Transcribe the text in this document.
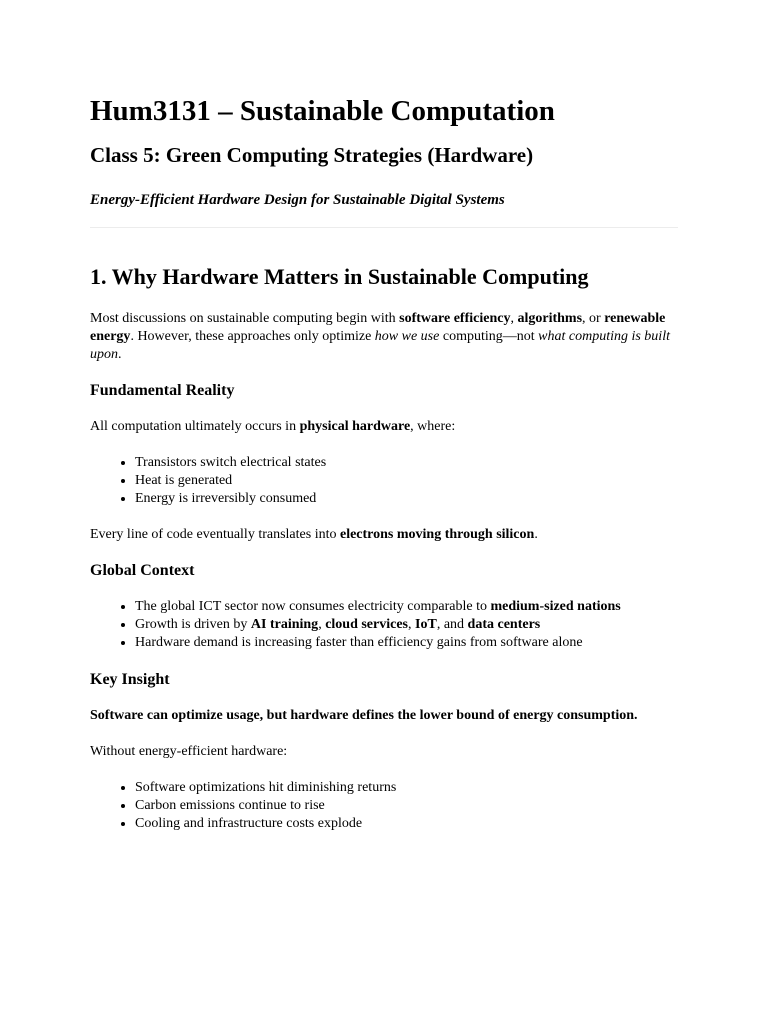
Hum3131 – Sustainable Computation
Class 5: Green Computing Strategies (Hardware)

Energy-Efficient Hardware Design for Sustainable Digital Systems

1. Why Hardware Matters in Sustainable Computing

Most discussions on sustainable computing begin with software efficiency, algorithms, or renewable energy. However, these approaches only optimize how we use computing—not what computing is built upon.

Fundamental Reality

All computation ultimately occurs in physical hardware, where:

• Transistors switch electrical states
• Heat is generated
• Energy is irreversibly consumed

Every line of code eventually translates into electrons moving through silicon.

Global Context
• The global ICT sector now consumes electricity comparable to medium-sized nations
• Growth is driven by AI training, cloud services, IoT, and data centers
• Hardware demand is increasing faster than efficiency gains from software alone
Key Insight

Software can optimize usage, but hardware defines the lower bound of energy consumption.

Without energy-efficient hardware:

• Software optimizations hit diminishing returns
• Carbon emissions continue to rise
• Cooling and infrastructure costs explode
